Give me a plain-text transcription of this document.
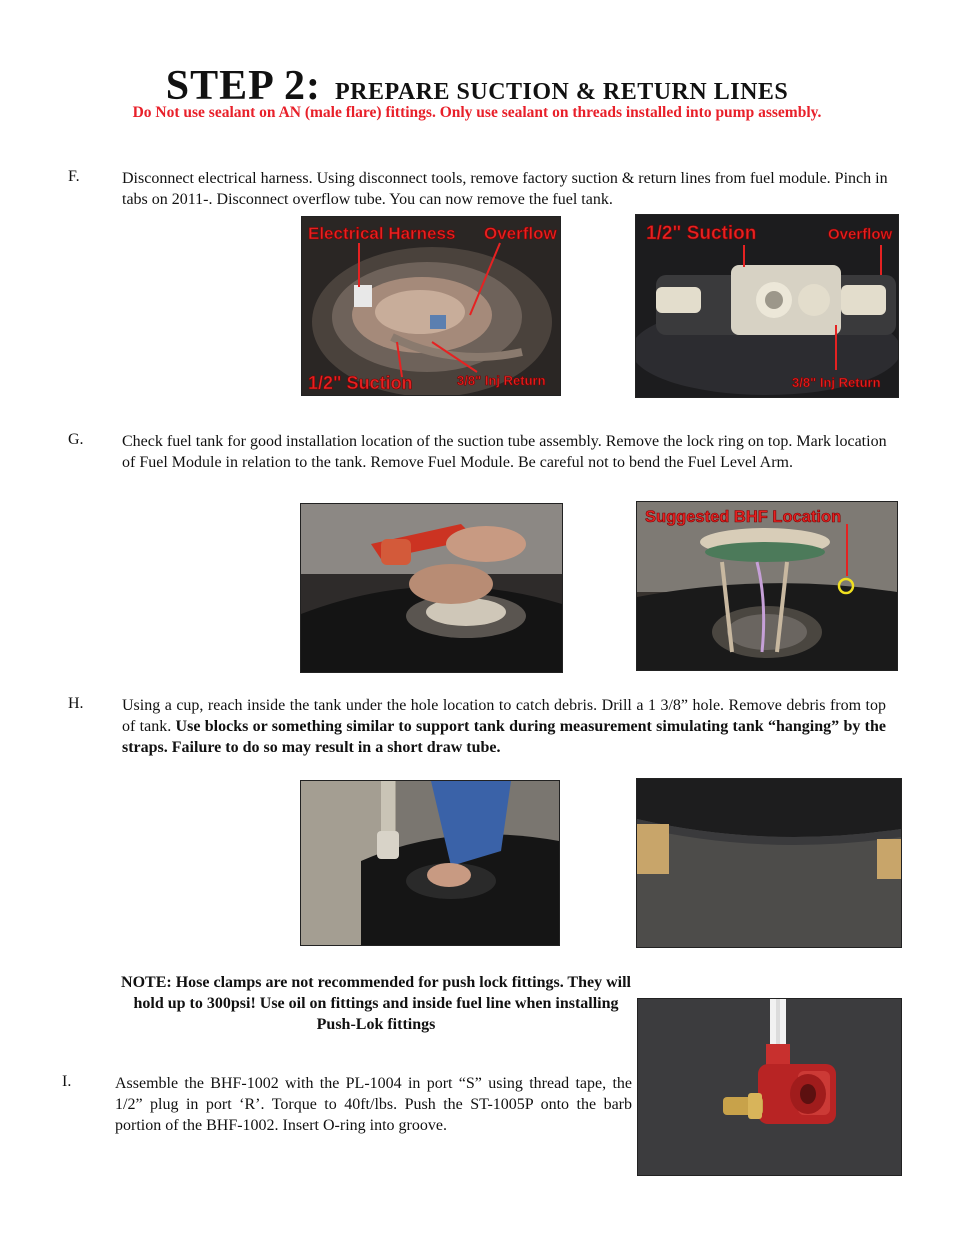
STEP 2: PREPARE SUCTION & RETURN LINES
Do Not use sealant on AN (male flare) fittings. Only use sealant on threads installed into pump assembly.
F.	Disconnect electrical harness. Using disconnect tools, remove factory suction & return lines from fuel module. Pinch in tabs on 2011-. Disconnect overflow tube. You can now remove the fuel tank.
Electrical Harness Overflow
1/2" Suction	3/8" Inj Return
1/2" Suction	Overflow
3/8" Inj Return
G. Check fuel tank for good installation location of the suction tube assembly. Remove the lock ring on top. Mark location of Fuel Module in relation to the tank. Remove Fuel Module. Be careful not to bend the Fuel Level Arm.
Suggested BHF Location
H. Using a cup, reach inside the tank under the hole location to catch debris. Drill a 1 3/8” hole. Remove debris from top of tank. Use blocks or something similar to support tank during measurement simulating tank “hanging” by the straps. Failure to do so may result in a short draw tube.
NOTE: Hose clamps are not recommended for push lock fittings. They will hold up to 300psi! Use oil on fittings and inside fuel line when installing Push-Lok fittings
I.	Assemble the BHF-1002 with the PL-1004 in port “S” using thread tape, the 1/2” plug in port ‘R’. Torque to 40ft/lbs. Push the ST-1005P onto the barb portion of the BHF-1002. Insert O-ring into groove.
